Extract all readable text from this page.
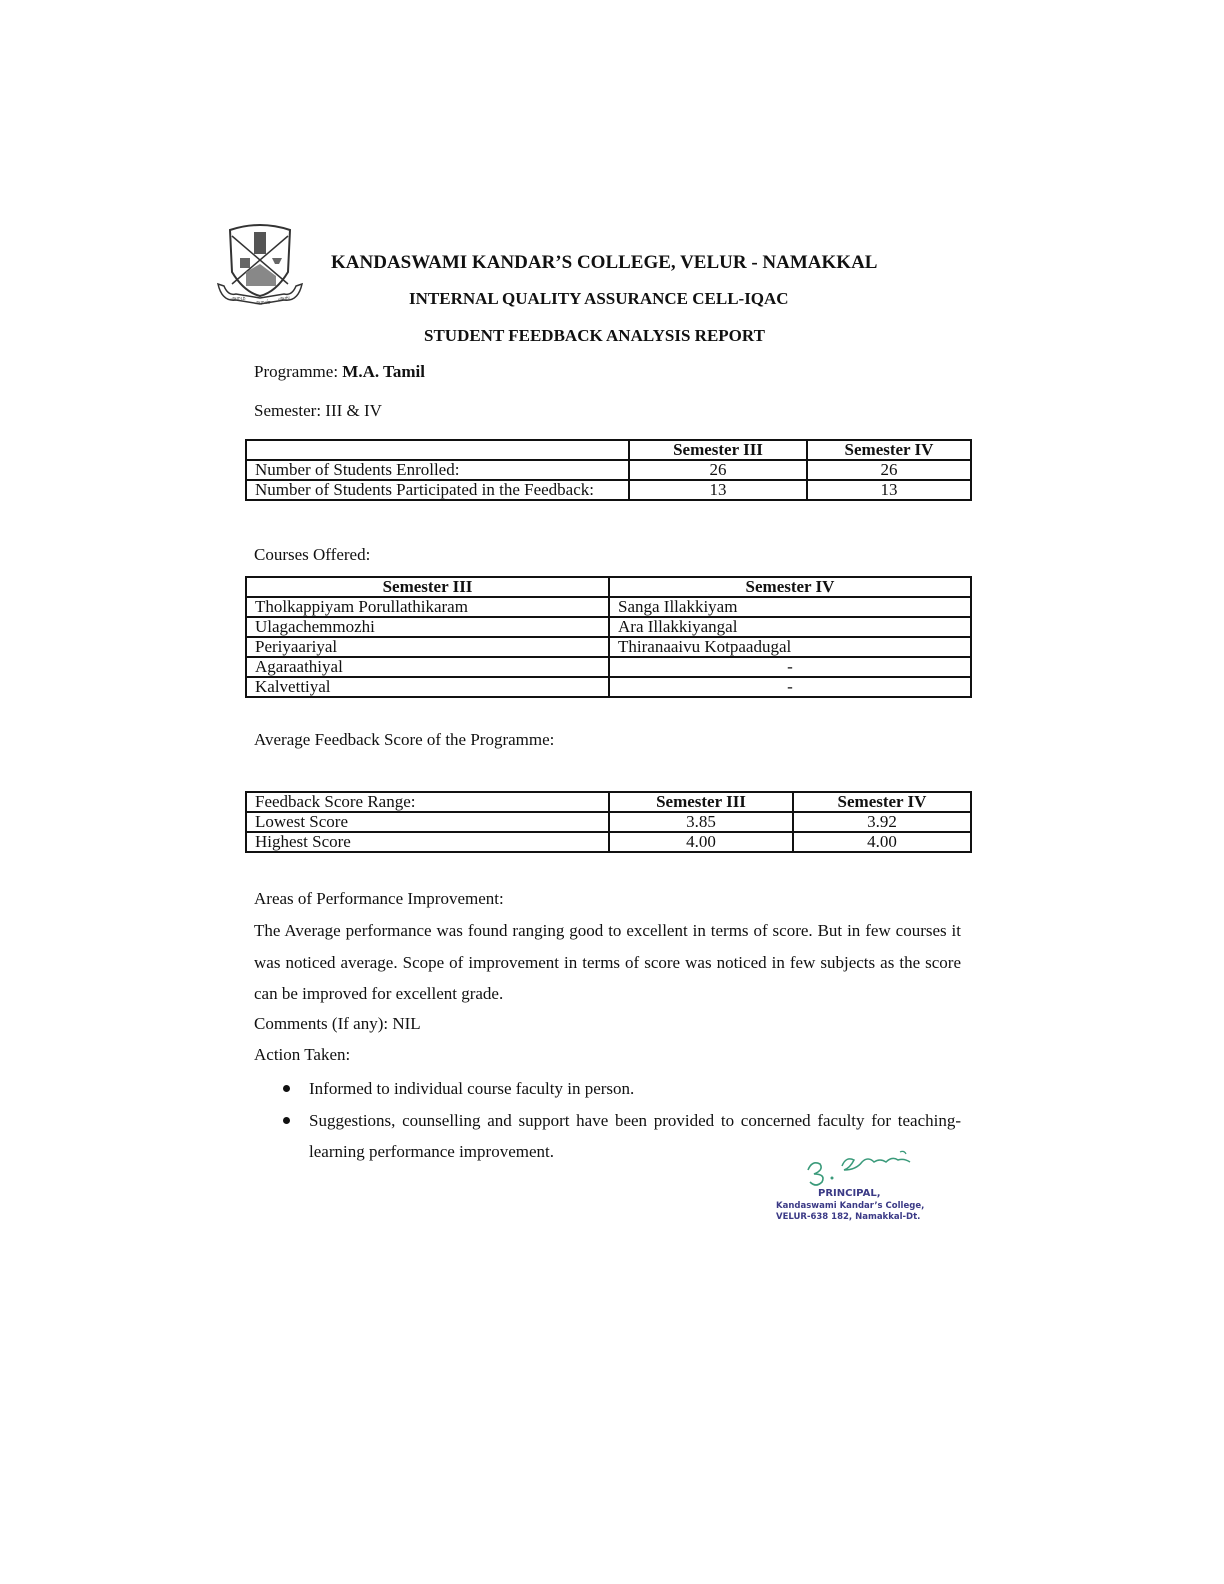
அறம்
அறன்
அறி
KANDASWAMI KANDAR’S COLLEGE, VELUR - NAMAKKAL
INTERNAL QUALITY ASSURANCE CELL-IQAC
STUDENT FEEDBACK ANALYSIS REPORT
Programme: M.A. Tamil
Semester: III & IV
	Semester III	Semester IV
Number of Students Enrolled:	26	26
Number of Students Participated in the Feedback:	13	13
Courses Offered:
Semester III	Semester IV
Tholkappiyam Porullathikaram	Sanga Illakkiyam
Ulagachemmozhi	Ara Illakkiyangal
Periyaariyal	Thiranaaivu Kotpaadugal
Agaraathiyal	-
Kalvettiyal	-
Average Feedback Score of the Programme:
Feedback Score Range:	Semester III	Semester IV
Lowest Score	3.85	3.92
Highest Score	4.00	4.00
Areas of Performance Improvement:
The Average performance was found ranging good to excellent in terms of score. But in few courses it was noticed average. Scope of improvement in terms of score was noticed in few subjects as the score can be improved for excellent grade.
Comments (If any): NIL
Action Taken:
Informed to individual course faculty in person.
Suggestions, counselling and support have been provided to concerned faculty for teaching-learning performance improvement.
PRINCIPAL,
Kandaswami Kandar’s College,
VELUR-638 182, Namakkal-Dt.
